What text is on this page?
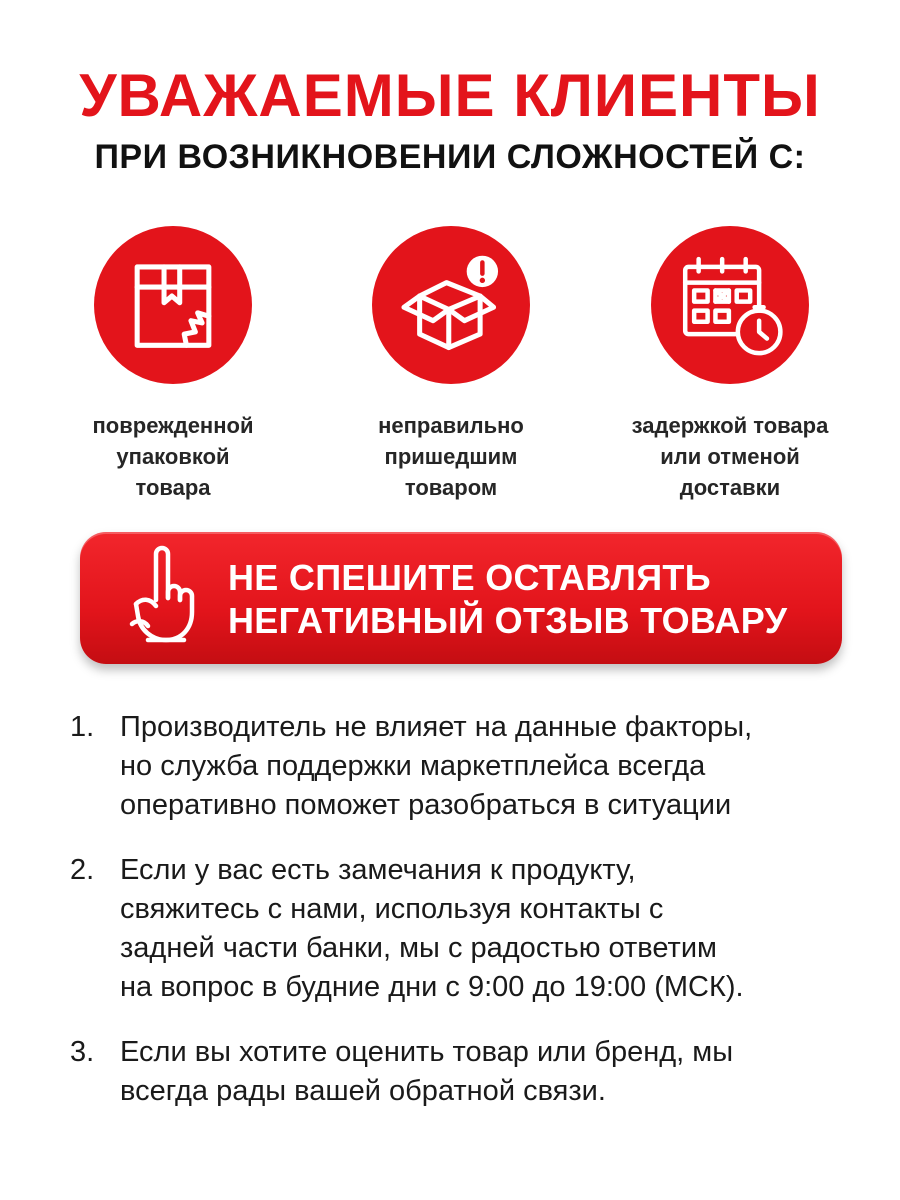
УВАЖАЕМЫЕ КЛИЕНТЫ
ПРИ ВОЗНИКНОВЕНИИ СЛОЖНОСТЕЙ С:
поврежденной
упаковкой
товара
неправильно
пришедшим
товаром
задержкой товара
или отменой
доставки
НЕ СПЕШИТЕ ОСТАВЛЯТЬ
НЕГАТИВНЫЙ ОТЗЫВ ТОВАРУ
1. Производитель не влияет на данные факторы,
но служба поддержки маркетплейса всегда
оперативно поможет разобраться в ситуации
2. Если у вас есть замечания к продукту,
свяжитесь с нами, используя контакты с
задней части банки, мы с радостью ответим
на вопрос в будние дни с 9:00 до 19:00 (МСК).
3. Если вы хотите оценить товар или бренд, мы
всегда рады вашей обратной связи.
